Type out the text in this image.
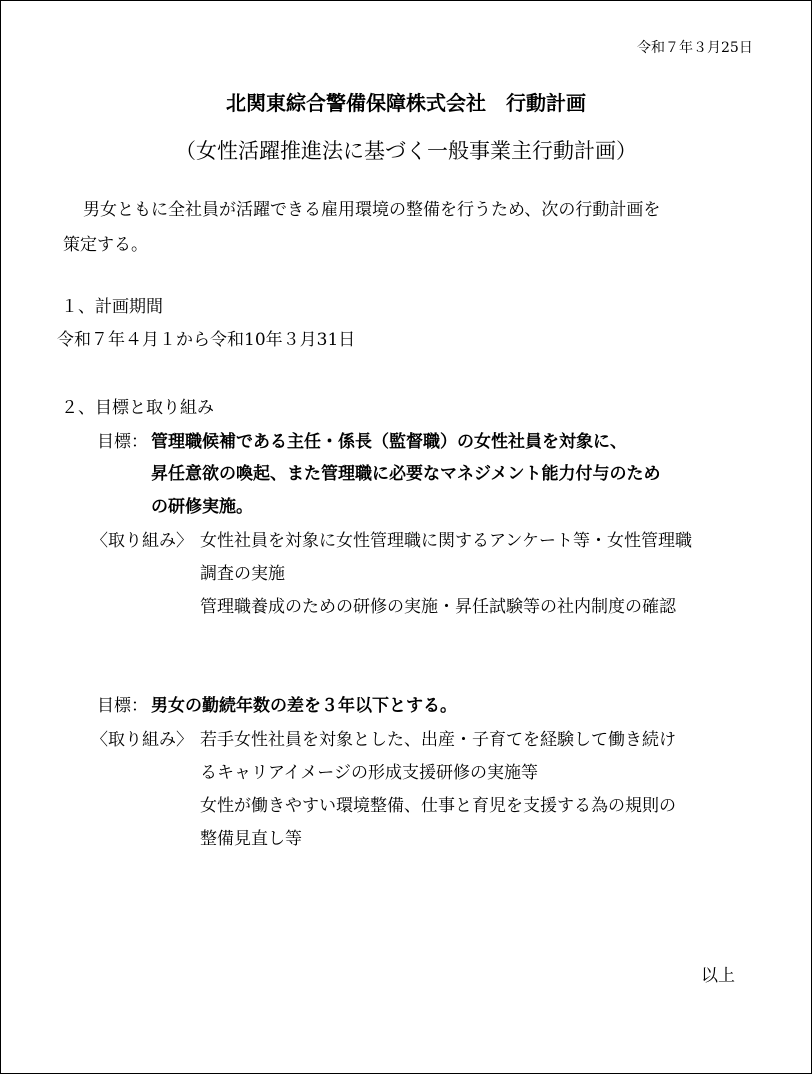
令和７年３月25日
北関東綜合警備保障株式会社　行動計画
（女性活躍推進法に基づく一般事業主行動計画）
男女ともに全社員が活躍できる雇用環境の整備を行うため、次の行動計画を
策定する。
１、計画期間
令和７年４月１から令和10年３月31日
２、目標と取り組み
目標： 管理職候補である主任・係長（監督職）の女性社員を対象に、
昇任意欲の喚起、また管理職に必要なマネジメント能力付与のため
の研修実施。
〈取り組み〉 女性社員を対象に女性管理職に関するアンケート等・女性管理職
調査の実施
管理職養成のための研修の実施・昇任試験等の社内制度の確認
目標： 男女の勤続年数の差を３年以下とする。
〈取り組み〉 若手女性社員を対象とした、出産・子育てを経験して働き続け
るキャリアイメージの形成支援研修の実施等
女性が働きやすい環境整備、仕事と育児を支援する為の規則の
整備見直し等
以上
